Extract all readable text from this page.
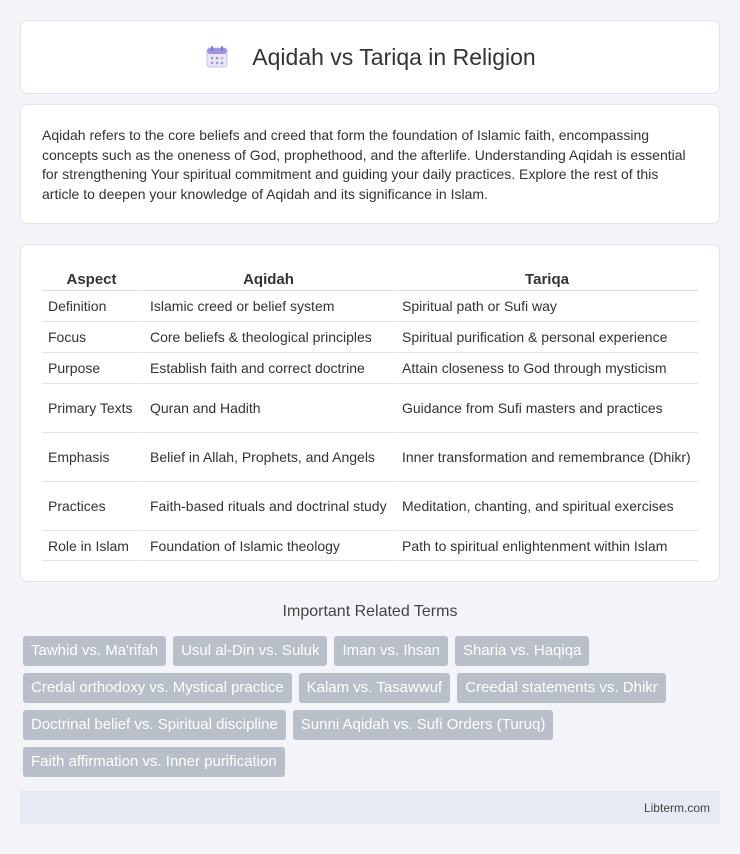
Aqidah vs Tariqa in Religion

Aqidah refers to the core beliefs and creed that form the foundation of Islamic faith, encompassing concepts such as the oneness of God, prophethood, and the afterlife. Understanding Aqidah is essential for strengthening Your spiritual commitment and guiding your daily practices. Explore the rest of this article to deepen your knowledge of Aqidah and its significance in Islam.

Aspect	Aqidah	Tariqa
Definition	Islamic creed or belief system	Spiritual path or Sufi way
Focus	Core beliefs & theological principles	Spiritual purification & personal experience
Purpose	Establish faith and correct doctrine	Attain closeness to God through mysticism
Primary Texts	Quran and Hadith	Guidance from Sufi masters and practices
Emphasis	Belief in Allah, Prophets, and Angels	Inner transformation and remembrance (Dhikr)
Practices	Faith-based rituals and doctrinal study	Meditation, chanting, and spiritual exercises
Role in Islam	Foundation of Islamic theology	Path to spiritual enlightenment within Islam
Important Related Terms
Tawhid vs. Ma'rifah	Usul al-Din vs. Suluk	Iman vs. Ihsan	Sharia vs. Haqiqa
Credal orthodoxy vs. Mystical practice	Kalam vs. Tasawwuf	Creedal statements vs. Dhikr
Doctrinal belief vs. Spiritual discipline	Sunni Aqidah vs. Sufi Orders (Turuq)
Faith affirmation vs. Inner purification
Libterm.com
